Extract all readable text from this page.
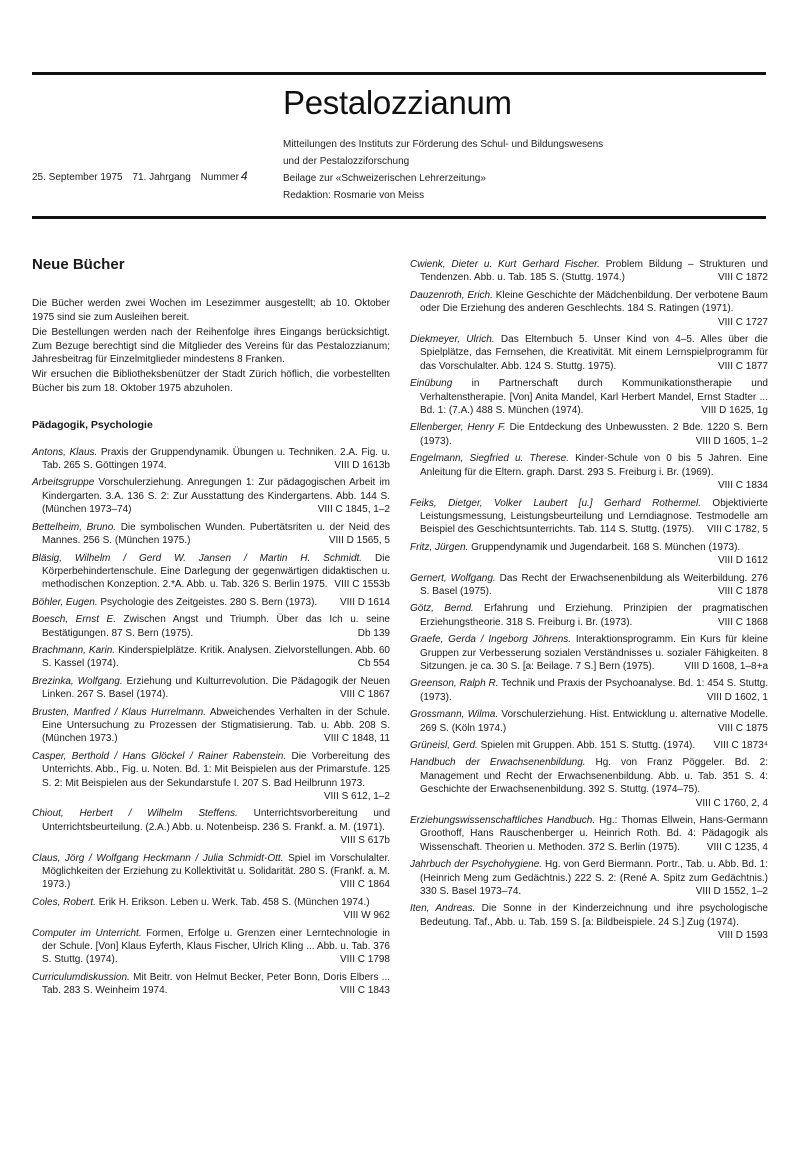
Pestalozzianum
25. September 1975 71. Jahrgang Nummer 4
Mitteilungen des Instituts zur Förderung des Schul- und Bildungswesens
und der Pestalozziforschung
Beilage zur «Schweizerischen Lehrerzeitung»
Redaktion: Rosmarie von Meiss
Neue Bücher

Die Bücher werden zwei Wochen im Lesezimmer ausgestellt; ab 10. Oktober 1975 sind sie zum Ausleihen bereit.

Die Bestellungen werden nach der Reihenfolge ihres Eingangs berücksichtigt. Zum Bezuge berechtigt sind die Mitglieder des Vereins für das Pestalozzianum; Jahresbeitrag für Einzelmitglieder mindestens 8 Franken.

Wir ersuchen die Bibliotheksbenützer der Stadt Zürich höflich, die vorbestellten Bücher bis zum 18. Oktober 1975 abzuholen.

Pädagogik, Psychologie
Antons, Klaus. Praxis der Gruppendynamik. Übungen u. Techniken. 2.A. Fig. u. Tab. 265 S. Göttingen 1974.	VIII D 1613b
Arbeitsgruppe Vorschulerziehung. Anregungen 1: Zur pädagogischen Arbeit im Kindergarten. 3.A. 136 S. 2: Zur Ausstattung des Kindergartens. Abb. 144 S. (München 1973–74)	VIII C 1845, 1–2
Bettelheim, Bruno. Die symbolischen Wunden. Pubertätsriten u. der Neid des Mannes. 256 S. (München 1975.)	VIII D 1565, 5
Bläsig, Wilhelm / Gerd W. Jansen / Martin H. Schmidt. Die Körperbehindertenschule. Eine Darlegung der gegenwärtigen didaktischen u. methodischen Konzeption. 2.*A. Abb. u. Tab. 326 S. Berlin 1975. VIII C 1553b
Böhler, Eugen. Psychologie des Zeitgeistes. 280 S. Bern (1973).	VIII D 1614
Boesch, Ernst E. Zwischen Angst und Triumph. Über das Ich u. seine Bestätigungen. 87 S. Bern (1975).	Db 139
Brachmann, Karin. Kinderspielplätze. Kritik. Analysen. Zielvorstellungen. Abb. 60 S. Kassel (1974).	Cb 554
Brezinka, Wolfgang. Erziehung und Kulturrevolution. Die Pädagogik der Neuen Linken. 267 S. Basel (1974).	VIII C 1867
Brusten, Manfred / Klaus Hurrelmann. Abweichendes Verhalten in der Schule. Eine Untersuchung zu Prozessen der Stigmatisierung. Tab. u. Abb. 208 S. (München 1973.)	VIII C 1848, 11
Casper, Berthold / Hans Glöckel / Rainer Rabenstein. Die Vorbereitung des Unterrichts. Abb., Fig. u. Noten. Bd. 1: Mit Beispielen aus der Primarstufe. 125 S. 2: Mit Beispielen aus der Sekundarstufe I. 207 S. Bad Heilbrunn 1973.
VIII S 612, 1–2
Chiout, Herbert / Wilhelm Steffens. Unterrichtsvorbereitung und Unterrichtsbeurteilung. (2.A.) Abb. u. Notenbeisp. 236 S. Frankf. a. M. (1971).
VIII S 617b
Claus, Jörg / Wolfgang Heckmann / Julia Schmidt-Ott. Spiel im Vorschulalter. Möglichkeiten der Erziehung zu Kollektivität u. Solidarität. 280 S. (Frankf. a. M. 1973.)	VIII C 1864
Coles, Robert. Erik H. Erikson. Leben u. Werk. Tab. 458 S. (München 1974.)
VIII W 962
Computer im Unterricht. Formen, Erfolge u. Grenzen einer Lerntechnologie in der Schule. [Von] Klaus Eyferth, Klaus Fischer, Ulrich Kling ... Abb. u. Tab. 376 S. Stuttg. (1974).	VIII C 1798
Curriculumdiskussion. Mit Beitr. von Helmut Becker, Peter Bonn, Doris Elbers ... Tab. 283 S. Weinheim 1974.	VIII C 1843
Cwienk, Dieter u. Kurt Gerhard Fischer. Problem Bildung – Strukturen und Tendenzen. Abb. u. Tab. 185 S. (Stuttg. 1974.)	VIII C 1872
Dauzenroth, Erich. Kleine Geschichte der Mädchenbildung. Der verbotene Baum oder Die Erziehung des anderen Geschlechts. 184 S. Ratingen (1971).
VIII C 1727
Diekmeyer, Ulrich. Das Elternbuch 5. Unser Kind von 4–5. Alles über die Spielplätze, das Fernsehen, die Kreativität. Mit einem Lernspielprogramm für das Vorschulalter. Abb. 124 S. Stuttg. 1975).	VIII C 1877
Einübung in Partnerschaft durch Kommunikationstherapie und Verhaltenstherapie. [Von] Anita Mandel, Karl Herbert Mandel, Ernst Stadter ... Bd. 1: (7.A.) 488 S. München (1974).	VIII D 1625, 1g
Ellenberger, Henry F. Die Entdeckung des Unbewussten. 2 Bde. 1220 S. Bern (1973).	VIII D 1605, 1–2
Engelmann, Siegfried u. Therese. Kinder-Schule von 0 bis 5 Jahren. Eine Anleitung für die Eltern. graph. Darst. 293 S. Freiburg i. Br. (1969).
VIII C 1834
Feiks, Dietger, Volker Laubert [u.] Gerhard Rothermel. Objektivierte Leistungsmessung, Leistungsbeurteilung und Lerndiagnose. Testmodelle am Beispiel des Geschichtsunterrichts. Tab. 114 S. Stuttg. (1975).	VIII C 1782, 5
Fritz, Jürgen. Gruppendynamik und Jugendarbeit. 168 S. München (1973).
VIII D 1612
Gernert, Wolfgang. Das Recht der Erwachsenenbildung als Weiterbildung. 276 S. Basel (1975).	VIII C 1878
Götz, Bernd. Erfahrung und Erziehung. Prinzipien der pragmatischen Erziehungstheorie. 318 S. Freiburg i. Br. (1973).	VIII C 1868
Graefe, Gerda / Ingeborg Jöhrens. Interaktionsprogramm. Ein Kurs für kleine Gruppen zur Verbesserung sozialen Verständnisses u. sozialer Fähigkeiten. 8 Sitzungen. je ca. 30 S. [a: Beilage. 7 S.] Bern (1975).	VIII D 1608, 1–8+a
Greenson, Ralph R. Technik und Praxis der Psychoanalyse. Bd. 1: 454 S. Stuttg. (1973).	VIII D 1602, 1
Grossmann, Wilma. Vorschulerziehung. Hist. Entwicklung u. alternative Modelle. 269 S. (Köln 1974.)	VIII C 1875
Grüneisl, Gerd. Spielen mit Gruppen. Abb. 151 S. Stuttg. (1974).	VIII C 1873⁴
Handbuch der Erwachsenenbildung. Hg. von Franz Pöggeler. Bd. 2: Management und Recht der Erwachsenenbildung. Abb. u. Tab. 351 S. 4: Geschichte der Erwachsenenbildung. 392 S. Stuttg. (1974–75).
VIII C 1760, 2, 4
Erziehungswissenschaftliches Handbuch. Hg.: Thomas Ellwein, Hans-Germann Groothoff, Hans Rauschenberger u. Heinrich Roth. Bd. 4: Pädagogik als Wissenschaft. Theorien u. Methoden. 372 S. Berlin (1975).	VIII C 1235, 4
Jahrbuch der Psychohygiene. Hg. von Gerd Biermann. Portr., Tab. u. Abb. Bd. 1: (Heinrich Meng zum Gedächtnis.) 222 S. 2: (René A. Spitz zum Gedächtnis.) 330 S. Basel 1973–74.	VIII D 1552, 1–2
Iten, Andreas. Die Sonne in der Kinderzeichnung und ihre psychologische Bedeutung. Taf., Abb. u. Tab. 159 S. [a: Bildbeispiele. 24 S.] Zug (1974).
VIII D 1593
